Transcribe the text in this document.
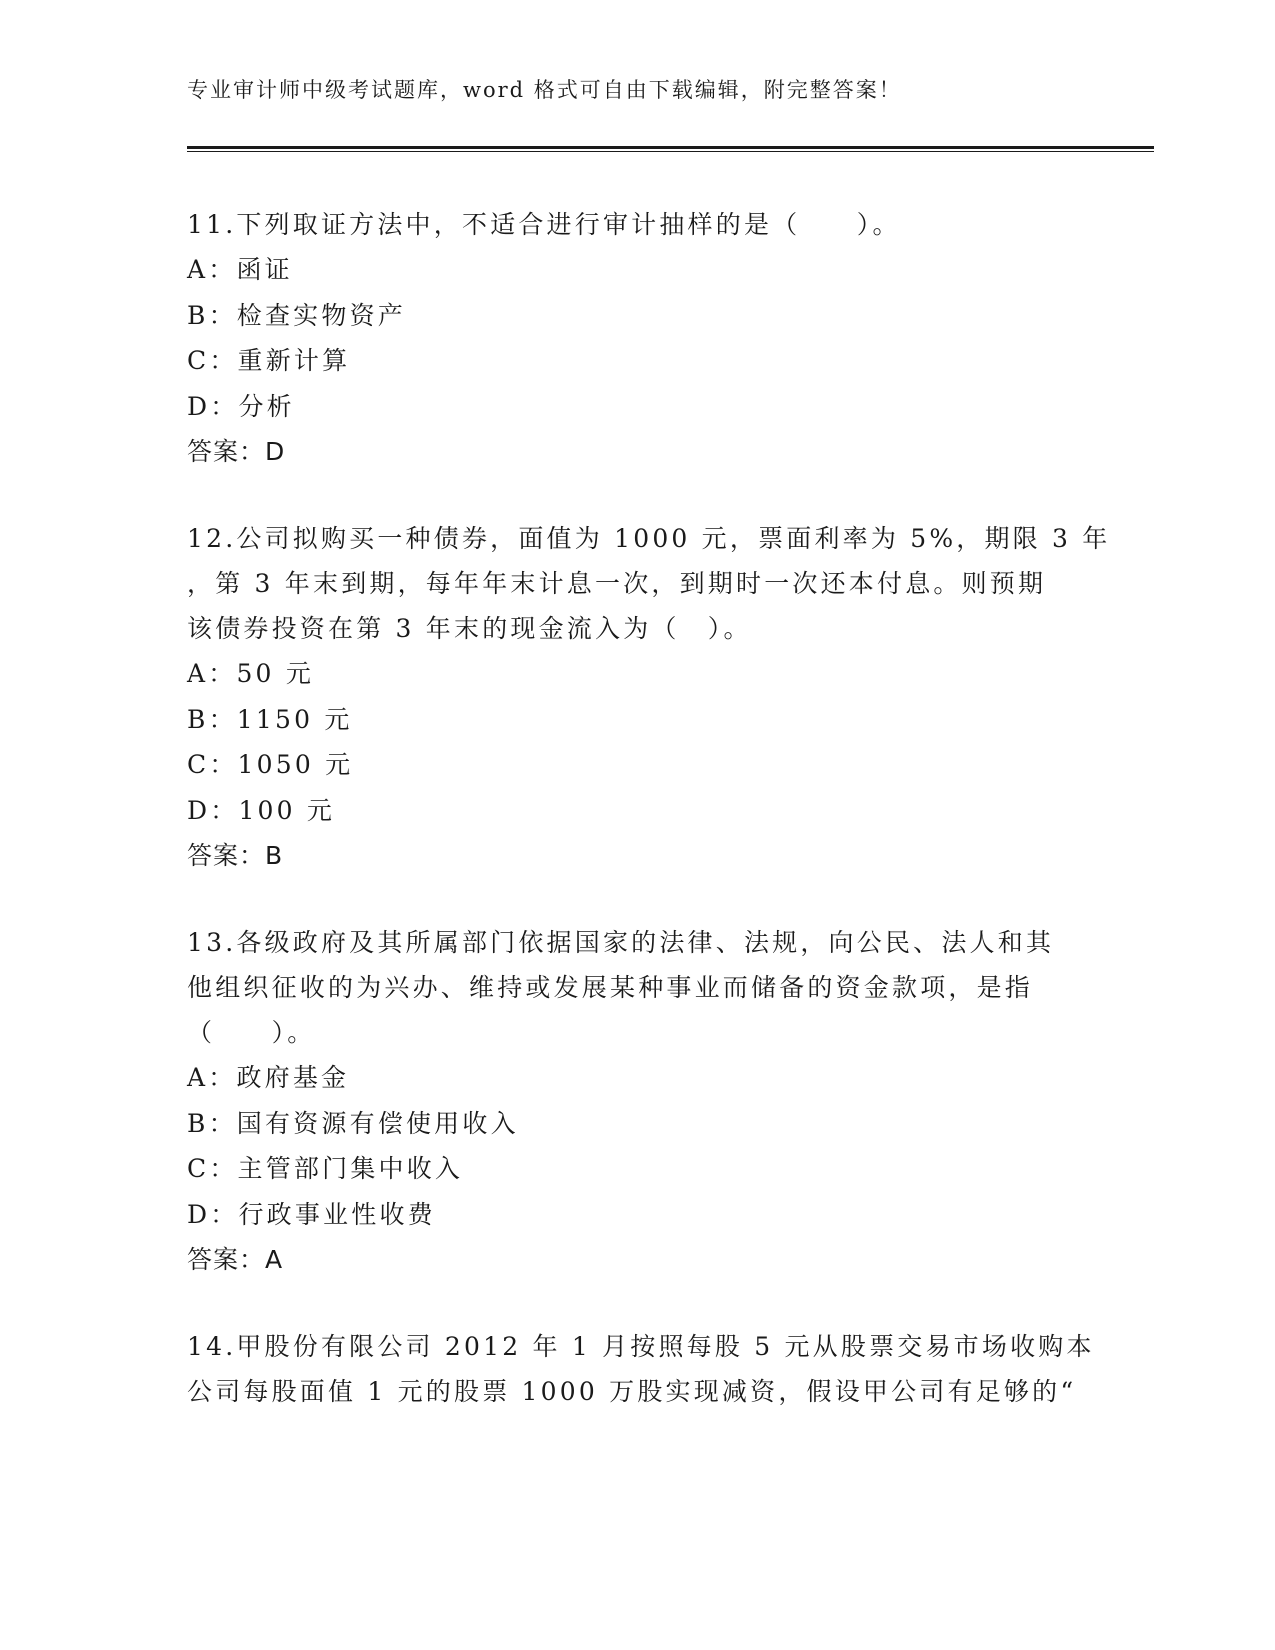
专业审计师中级考试题库，word 格式可自由下载编辑，附完整答案！
11.下列取证方法中，不适合进行审计抽样的是（　　）。
A：函证
B：检查实物资产
C：重新计算
D：分析
答案：D
12.公司拟购买一种债券，面值为 1000 元，票面利率为 5%，期限 3 年
，第 3 年末到期，每年年末计息一次，到期时一次还本付息。则预期
该债券投资在第 3 年末的现金流入为（　）。
A：50 元
B：1150 元
C：1050 元
D：100 元
答案：B
13.各级政府及其所属部门依据国家的法律、法规，向公民、法人和其
他组织征收的为兴办、维持或发展某种事业而储备的资金款项，是指
（　　）。
A：政府基金
B：国有资源有偿使用收入
C：主管部门集中收入
D：行政事业性收费
答案：A
14.甲股份有限公司 2012 年 1 月按照每股 5 元从股票交易市场收购本
公司每股面值 1 元的股票 1000 万股实现减资，假设甲公司有足够的“
